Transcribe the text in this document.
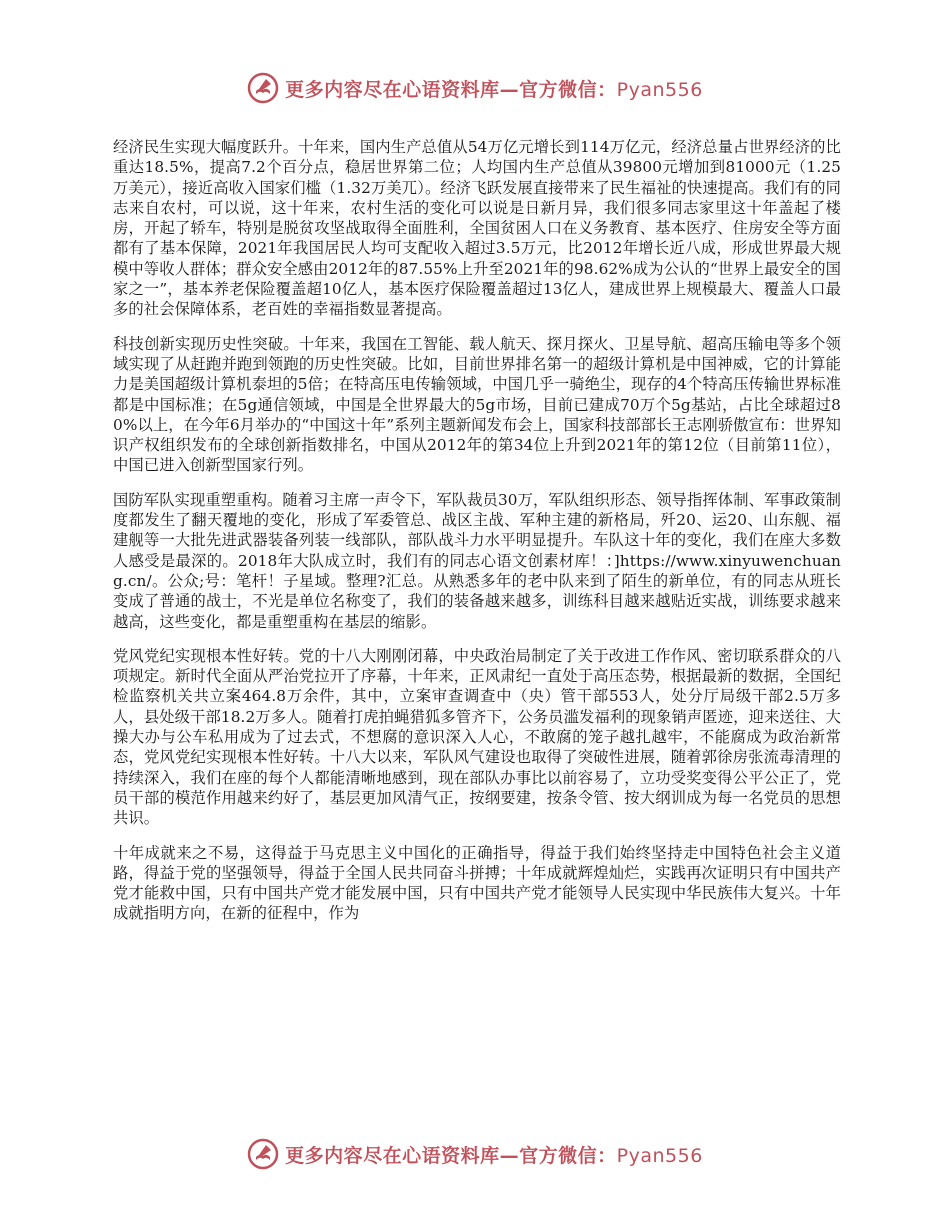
更多内容尽在心语资料库—官方微信：Pyan556

经济民生实现大幅度跃升。十年来，国内生产总值从54万亿元增长到114万亿元，经济总量占世界经济的比重达18.5%，提高7.2个百分点，稳居世界第二位；人均国内生产总值从39800元增加到81000元（1.25万美元），接近高收入国家们槛（1.32万美兀）。经济飞跃发展直接带来了民生福祉的快速提高。我们有的同志来自农村，可以说，这十年来，农村生活的变化可以说是日新月异，我们很多同志家里这十年盖起了楼房，开起了轿车，特别是脱贫攻坚战取得全面胜利，全国贫困人口在义务教育、基本医疗、住房安全等方面都有了基本保障，2021年我国居民人均可支配收入超过3.5万元，比2012年增长近八成，形成世界最大规模中等收人群体；群众安全感由2012年的87.55%上升至2021年的98.62%成为公认的“世界上最安全的国家之一”，基本养老保险覆盖超10亿人，基本医疗保险覆盖超过13亿人，建成世界上规模最大、覆盖人口最多的社会保障体系，老百姓的幸福指数显著提高。

科技创新实现历史性突破。十年来，我国在工智能、载人航天、探月探火、卫星导航、超高压输电等多个领域实现了从赶跑并跑到领跑的历史性突破。比如，目前世界排名第一的超级计算机是中国神威，它的计算能力是美国超级计算机泰坦的5倍；在特高压电传输领域，中国几乎一骑绝尘，现存的4个特高压传输世界标准都是中国标准；在5g通信领域，中国是全世界最大的5g市场，目前已建成70万个5g基站，占比全球超过80%以上，在今年6月举办的“中国这十年”系列主题新闻发布会上，国家科技部部长王志刚骄傲宣布：世界知识产权组织发布的全球创新指数排名，中国从2012年的第34位上升到2021年的第12位（目前第11位），中国已进入创新型国家行列。

国防军队实现重塑重构。随着习主席一声令下，军队裁员30万，军队组织形态、领导指挥体制、军事政策制度都发生了翻天覆地的变化，形成了军委管总、战区主战、军种主建的新格局，歼20、运20、山东舰、福建舰等一大批先进武器装备列装一线部队，部队战斗力水平明显提升。车队这十年的变化，我们在座大多数人感受是最深的。2018年大队成立时，我们有的同志心语文创素材库！：]https://www.xinyuwenchuang.cn/。公众;号：笔杆！子星域。整理?汇总。从熟悉多年的老中队来到了陌生的新单位，有的同志从班长变成了普通的战士，不光是单位名称变了，我们的装备越来越多，训练科目越来越贴近实战，训练要求越来越高，这些变化，都是重塑重构在基层的缩影。

党风党纪实现根本性好转。党的十八大刚刚闭幕，中央政治局制定了关于改进工作作风、密切联系群众的八项规定。新时代全面从严治党拉开了序幕，十年来，正风肃纪一直处于高压态势，根据最新的数据，全国纪检监察机关共立案464.8万余件，其中，立案审查调查中（央）管干部553人，处分厅局级干部2.5万多人，县处级干部18.2万多人。随着打虎拍蝇猎狐多管齐下，公务员滥发福利的现象销声匿迹，迎来送往、大操大办与公车私用成为了过去式，不想腐的意识深入人心，不敢腐的笼子越扎越牢，不能腐成为政治新常态，党风党纪实现根本性好转。十八大以来，军队风气建设也取得了突破性进展，随着郭徐房张流毒清理的持续深入，我们在座的每个人都能清晰地感到，现在部队办事比以前容易了，立功受奖变得公平公正了，党员干部的模范作用越来约好了，基层更加风清气正，按纲要建，按条令管、按大纲训成为每一名党员的思想共识。

十年成就来之不易，这得益于马克思主义中国化的正确指导，得益于我们始终坚持走中国特色社会主义道路，得益于党的坚强领导，得益于全国人民共同奋斗拼搏；十年成就辉煌灿烂，实践再次证明只有中国共产党才能救中国，只有中国共产党才能发展中国，只有中国共产党才能领导人民实现中华民族伟大复兴。十年成就指明方向，在新的征程中，作为

更多内容尽在心语资料库—官方微信：Pyan556
